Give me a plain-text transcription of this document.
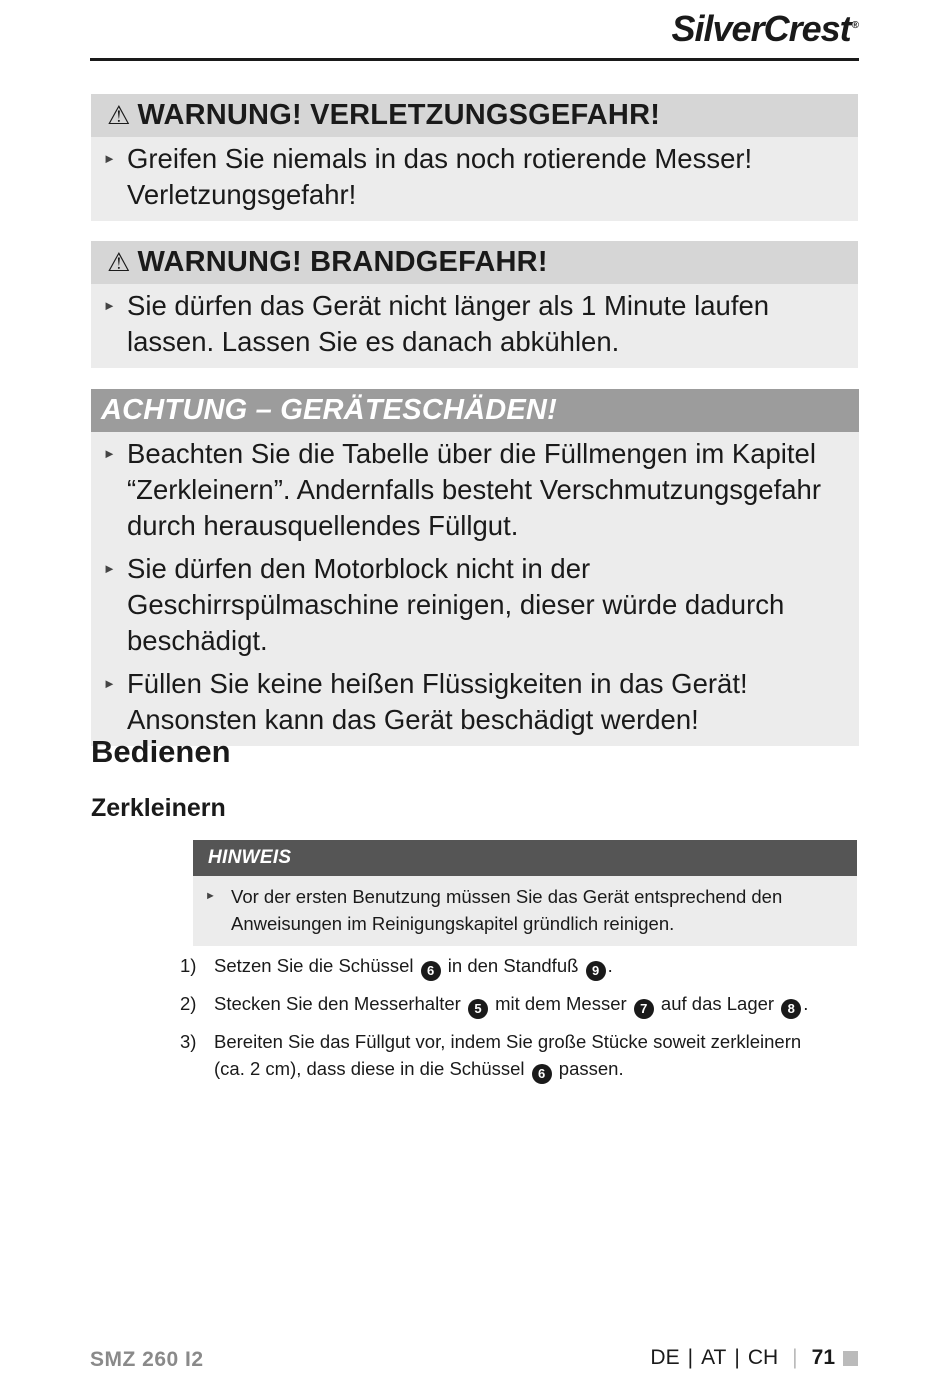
SilverCrest®
⚠ WARNUNG! VERLETZUNGSGEFAHR!
► Greifen Sie niemals in das noch rotierende Messer! Verletzungsgefahr!
⚠ WARNUNG! BRANDGEFAHR!
► Sie dürfen das Gerät nicht länger als 1 Minute laufen lassen. Lassen Sie es danach abkühlen.
ACHTUNG – GERÄTESCHÄDEN!
► Beachten Sie die Tabelle über die Füllmengen im Kapitel “Zerkleinern”. Andernfalls besteht Verschmutzungsgefahr durch herausquellendes Füllgut.
► Sie dürfen den Motorblock nicht in der Geschirrspülmaschine reinigen, dieser würde dadurch beschädigt.
► Füllen Sie keine heißen Flüssigkeiten in das Gerät! Ansonsten kann das Gerät beschädigt werden!
Bedienen
Zerkleinern
HINWEIS
► Vor der ersten Benutzung müssen Sie das Gerät entsprechend den Anweisungen im Reinigungskapitel gründlich reinigen.
1) Setzen Sie die Schüssel 6 in den Standfuß 9 .
2) Stecken Sie den Messerhalter 5 mit dem Messer 7 auf das Lager 8 .
3) Bereiten Sie das Füllgut vor, indem Sie große Stücke soweit zerkleinern (ca. 2 cm), dass diese in die Schüssel 6 passen.
SMZ 260 I2	DE | AT | CH | 71
